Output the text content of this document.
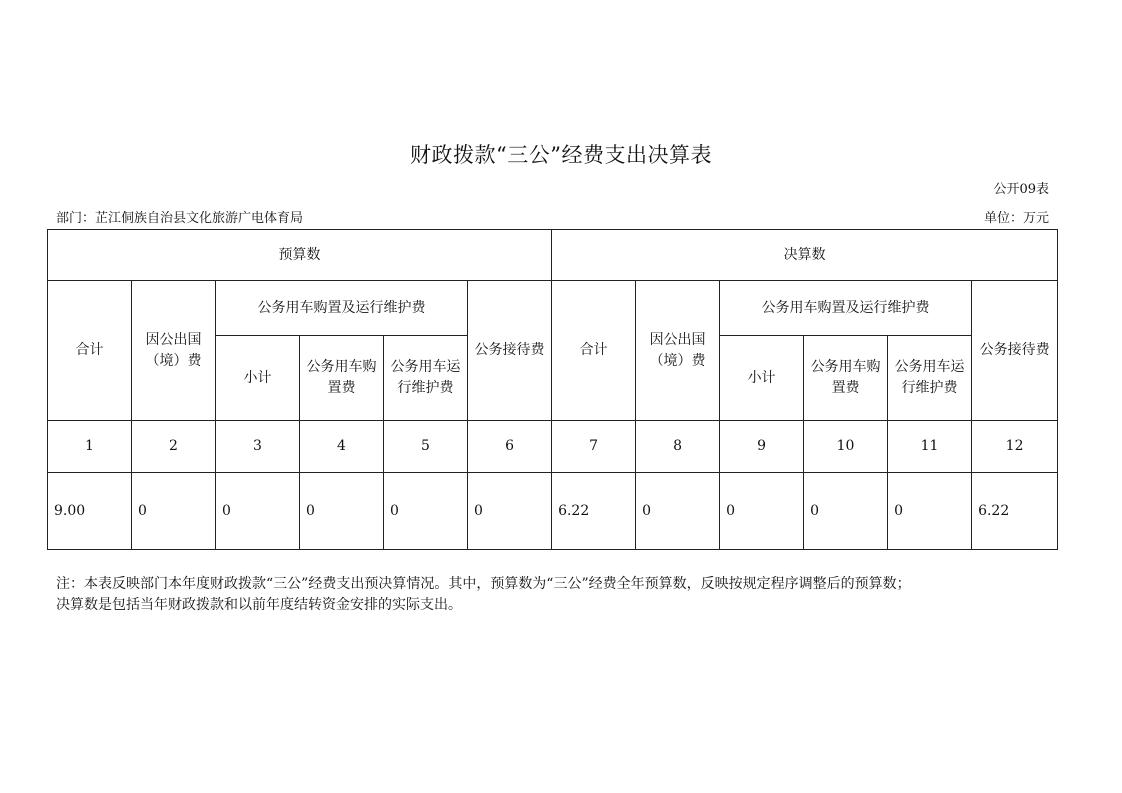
财政拨款“三公”经费支出决算表
公开09表
部门：芷江侗族自治县文化旅游广电体育局	单位：万元
预算数						决算数					
合计	因公出国（境）费	公务用车购置及运行维护费			公务接待费	合计	因公出国（境）费	公务用车购置及运行维护费			公务接待费
		小计	公务用车购置费	公务用车运行维护费				小计	公务用车购置费	公务用车运行维护费	
1	2	3	4	5	6	7	8	9	10	11	12
9.00	0	0	0	0	0	6.22	0	0	0	0	6.22

注：本表反映部门本年度财政拨款“三公”经费支出预决算情况。其中，预算数为“三公”经费全年预算数，反映按规定程序调整后的预算数；

决算数是包括当年财政拨款和以前年度结转资金安排的实际支出。
